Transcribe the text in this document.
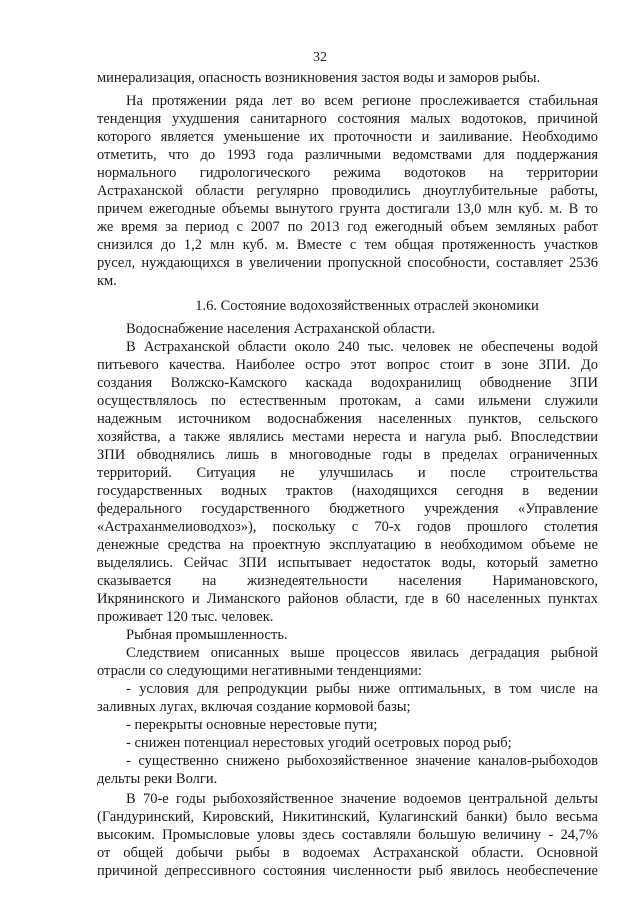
32
минерализация, опасность возникновения застоя воды и заморов рыбы.
На протяжении ряда лет во всем регионе прослеживается стабильная
тенденция ухудшения санитарного состояния малых водотоков, причиной
которого является уменьшение их проточности и заиливание. Необходимо
отметить, что до 1993 года различными ведомствами для поддержания
нормального гидрологического режима водотоков на территории
Астраханской области регулярно проводились дноуглубительные работы,
причем ежегодные объемы вынутого грунта достигали 13,0 млн куб. м. В то
же время за период с 2007 по 2013 год ежегодный объем земляных работ
снизился до 1,2 млн куб. м. Вместе с тем общая протяженность участков
русел, нуждающихся в увеличении пропускной способности, составляет 2536
км.
1.6. Состояние водохозяйственных отраслей экономики
Водоснабжение населения Астраханской области.
В Астраханской области около 240 тыс. человек не обеспечены водой
питьевого качества. Наиболее остро этот вопрос стоит в зоне ЗПИ. До
создания Волжско-Камского каскада водохранилищ обводнение ЗПИ
осуществлялось по естественным протокам, а сами ильмени служили
надежным источником водоснабжения населенных пунктов, сельского
хозяйства, а также являлись местами нереста и нагула рыб. Впоследствии
ЗПИ обводнялись лишь в многоводные годы в пределах ограниченных
территорий. Ситуация не улучшилась и после строительства
государственных водных трактов (находящихся сегодня в ведении
федерального государственного бюджетного учреждения «Управление
«Астраханмелиоводхоз»), поскольку с 70-х годов прошлого столетия
денежные средства на проектную эксплуатацию в необходимом объеме не
выделялись. Сейчас ЗПИ испытывает недостаток воды, который заметно
сказывается на жизнедеятельности населения Наримановского,
Икрянинского и Лиманского районов области, где в 60 населенных пунктах
проживает 120 тыс. человек.
Рыбная промышленность.
Следствием описанных выше процессов явилась деградация рыбной
отрасли со следующими негативными тенденциями:
- условия для репродукции рыбы ниже оптимальных, в том числе на
заливных лугах, включая создание кормовой базы;
- перекрыты основные нерестовые пути;
- снижен потенциал нерестовых угодий осетровых пород рыб;
- существенно снижено рыбохозяйственное значение каналов-рыбоходов
дельты реки Волги.
В 70-е годы рыбохозяйственное значение водоемов центральной дельты
(Гандуринский, Кировский, Никитинский, Кулагинский банки) было весьма
высоким. Промысловые уловы здесь составляли большую величину - 24,7%
от общей добычи рыбы в водоемах Астраханской области. Основной
причиной депрессивного состояния численности рыб явилось необеспечение
